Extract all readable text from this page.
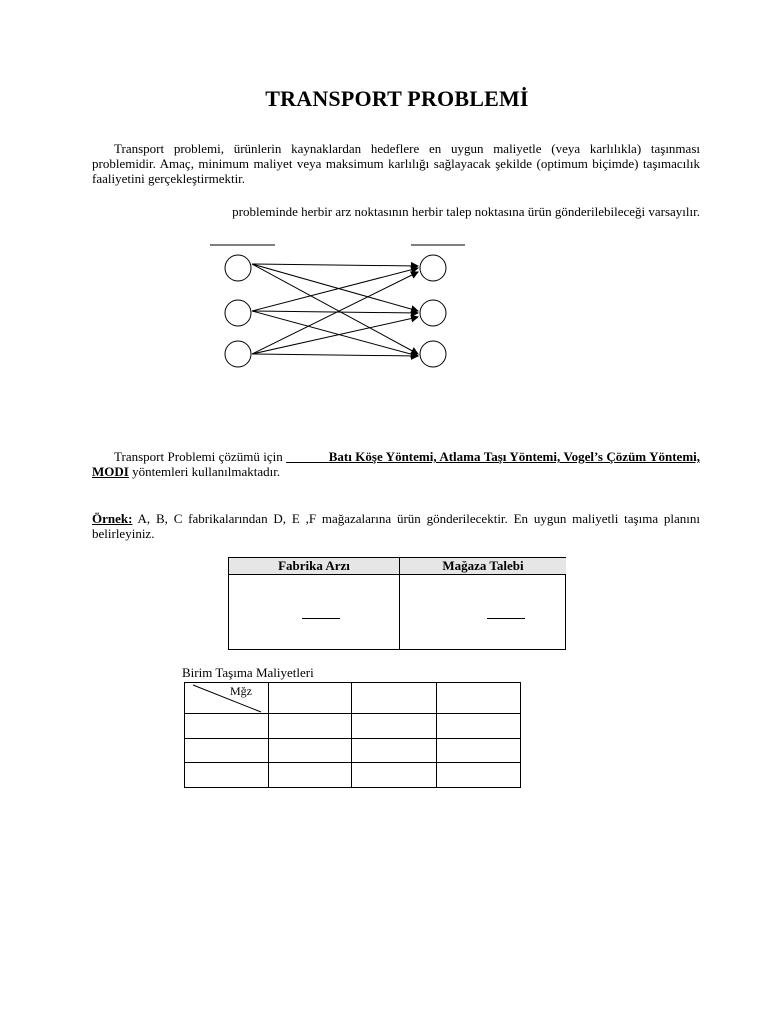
TRANSPORT PROBLEMİ
Transport problemi, ürünlerin kaynaklardan hedeflere en uygun maliyetle (veya karlılıkla) taşınması problemidir. Amaç, minimum maliyet veya maksimum karlılığı sağlayacak şekilde (optimum biçimde) taşımacılık faaliyetini gerçekleştirmektir.
probleminde herbir arz noktasının herbir talep noktasına ürün gönderilebileceği varsayılır.
Transport Problemi çözümü için ______ Batı Köşe Yöntemi, Atlama Taşı Yöntemi, Vogel’s Çözüm Yöntemi, MODI yöntemleri kullanılmaktadır.
Örnek: A, B, C fabrikalarından D, E ,F mağazalarına ürün gönderilecektir. En uygun maliyetli taşıma planını belirleyiniz.
Fabrika Arzı	Mağaza Talebi
Birim Taşıma Maliyetleri
Mğz			
